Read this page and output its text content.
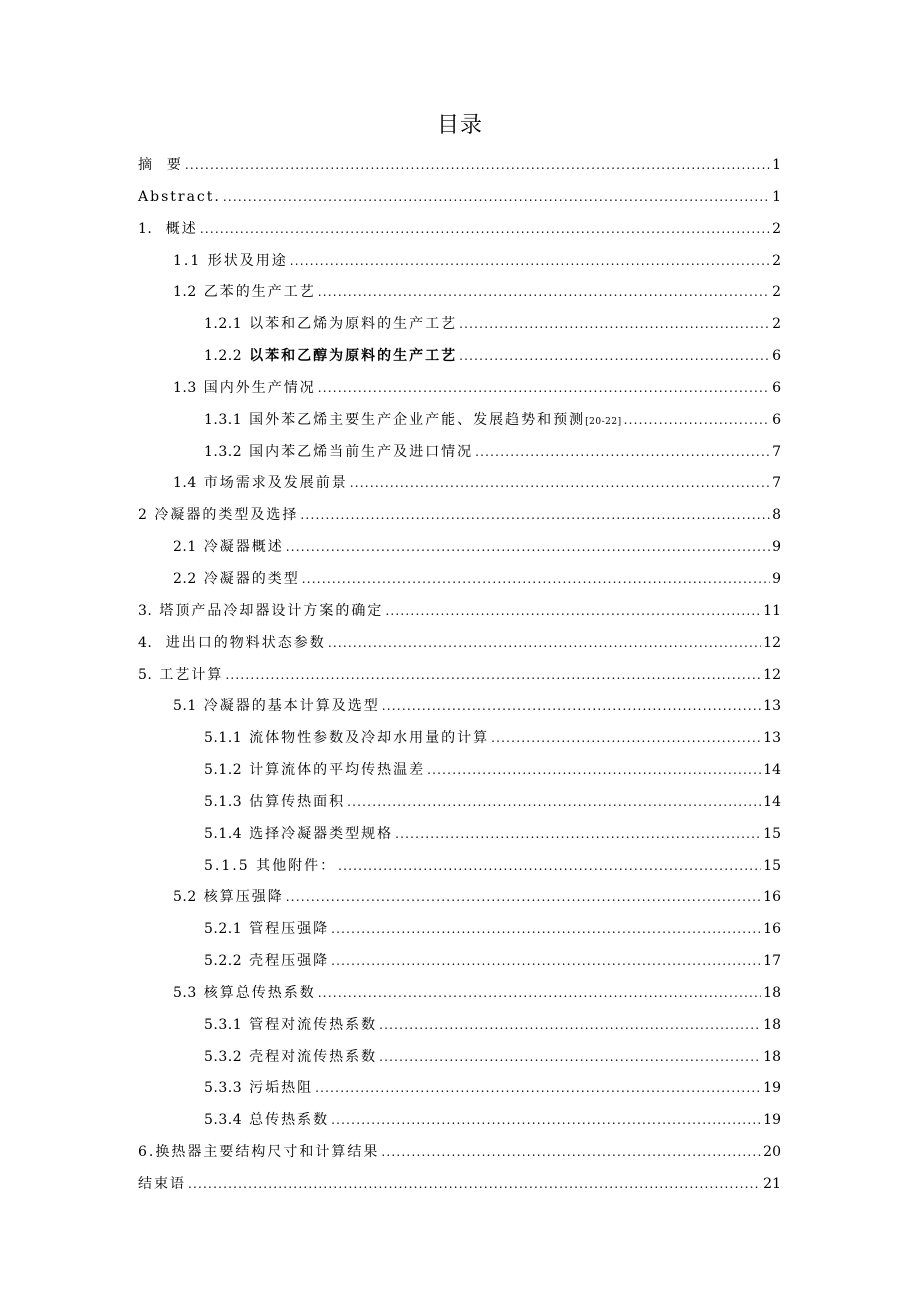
目录
摘  要 .....	1
Abstract. .....	1
1. 概述 .....	2
1.1 形状及用途 .....	2
1.2 乙苯的生产工艺 .....	2
1.2.1 以苯和乙烯为原料的生产工艺 .....	2
1.2.2 以苯和乙醇为原料的生产工艺 .....	6
1.3 国内外生产情况 .....	6
1.3.1 国外苯乙烯主要生产企业产能、发展趋势和预测 [20-22] .....	6
1.3.2 国内苯乙烯当前生产及进口情况 .....	7
1.4 市场需求及发展前景 .....	7
2 冷凝器的类型及选择 .....	8
2.1 冷凝器概述 .....	9
2.2 冷凝器的类型 .....	9
3. 塔顶产品冷却器设计方案的确定 .....	11
4. 进出口的物料状态参数 .....	12
5. 工艺计算 .....	12
5.1 冷凝器的基本计算及选型 .....	13
5.1.1 流体物性参数及冷却水用量的计算 .....	13
5.1.2 计算流体的平均传热温差 .....	14
5.1.3 估算传热面积 .....	14
5.1.4 选择冷凝器类型规格 .....	15
5.1.5 其他附件： .....	15
5.2 核算压强降 .....	16
5.2.1 管程压强降 .....	16
5.2.2 壳程压强降 .....	17
5.3 核算总传热系数 .....	18
5.3.1 管程对流传热系数 .....	18
5.3.2 壳程对流传热系数 .....	18
5.3.3 污垢热阻 .....	19
5.3.4 总传热系数 .....	19
6.换热器主要结构尺寸和计算结果 .....	20
结束语 .....	21
